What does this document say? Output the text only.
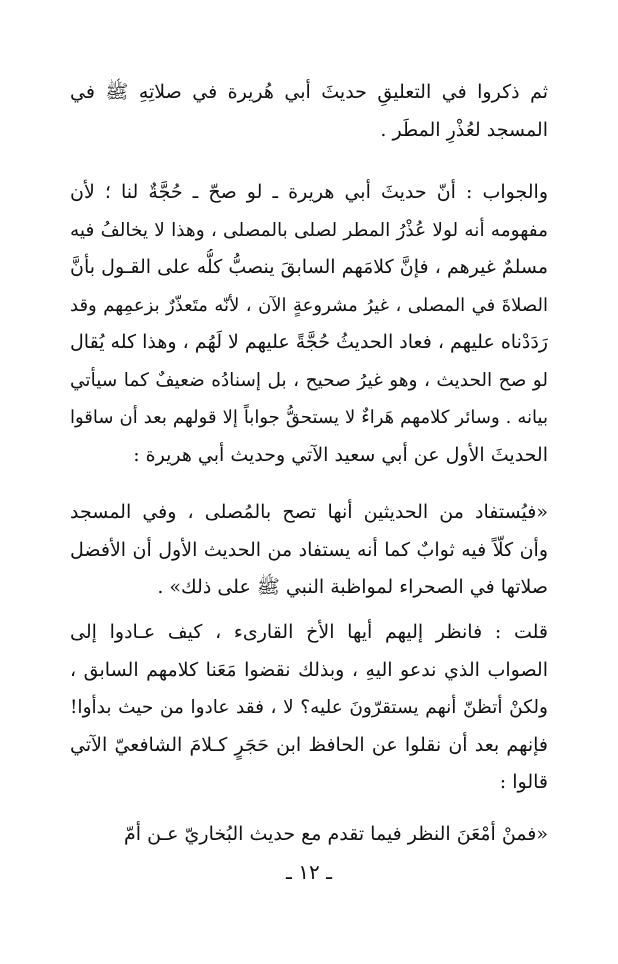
ثم ذكروا في التعليقِ حديثَ أبي هُريرة في صلاتِهِ ﷺ في
المسجد لعُذْرِ المطَر .
والجواب : أنّ حديثَ أبي هريرة ـ لو صحّ ـ حُجَّةٌ لنا ؛ لأن
مفهومه أنه لولا عُذْرُ المطر لصلى بالمصلى ، وهذا لا يخالفُ فيه
مسلمٌ غيرهم ، فإنَّ كلامَهم السابقَ ينصبُّ كلُّه على القـول بأنَّ
الصلاةَ في المصلى ، غيرُ مشروعةٍ الآن ، لأنّه متَعذّرٌ بزعمِهم وقد
رَدَدْناه عليهم ، فعاد الحديثُ حُجَّةً عليهم لا لَهُم ، وهذا كله يُقال
لو صح الحديث ، وهو غيرُ صحيح ، بل إسنادُه ضعيفٌ كما سيأتي
بيانه . وسائر كلامهم هَراءٌ لا يستحقُّ جواباً إلا قولهم بعد أن ساقوا
الحديثَ الأول عن أبي سعيد الآتي وحديث أبي هريرة :
«فيُستفاد من الحديثين أنها تصح بالمُصلى ، وفي المسجد
وأن كلّاً فيه ثوابٌ كما أنه يستفاد من الحديث الأول أن الأفضل
صلاتها في الصحراء لمواظبة النبي ﷺ على ذلك» .
قلت : فانظر إليهم أيها الأخ القارىء ، كيف عـادوا إلى
الصواب الذي ندعو اليهِ ، وبذلك نقضوا مَعَنا كلامهم السابق ،
ولكنْ أتظنّ أنهم يستقرّونَ عليه؟ لا ، فقد عادوا من حيث بدأوا!
فإنهم بعد أن نقلوا عن الحافظ ابن حَجَرٍ كـلامَ الشافعيّ الآتي
قالوا :
«فمنْ أمْعَنَ النظر فيما تقدم مع حديث البُخاريّ عـن أمّ
ـ ١٢ ـ
